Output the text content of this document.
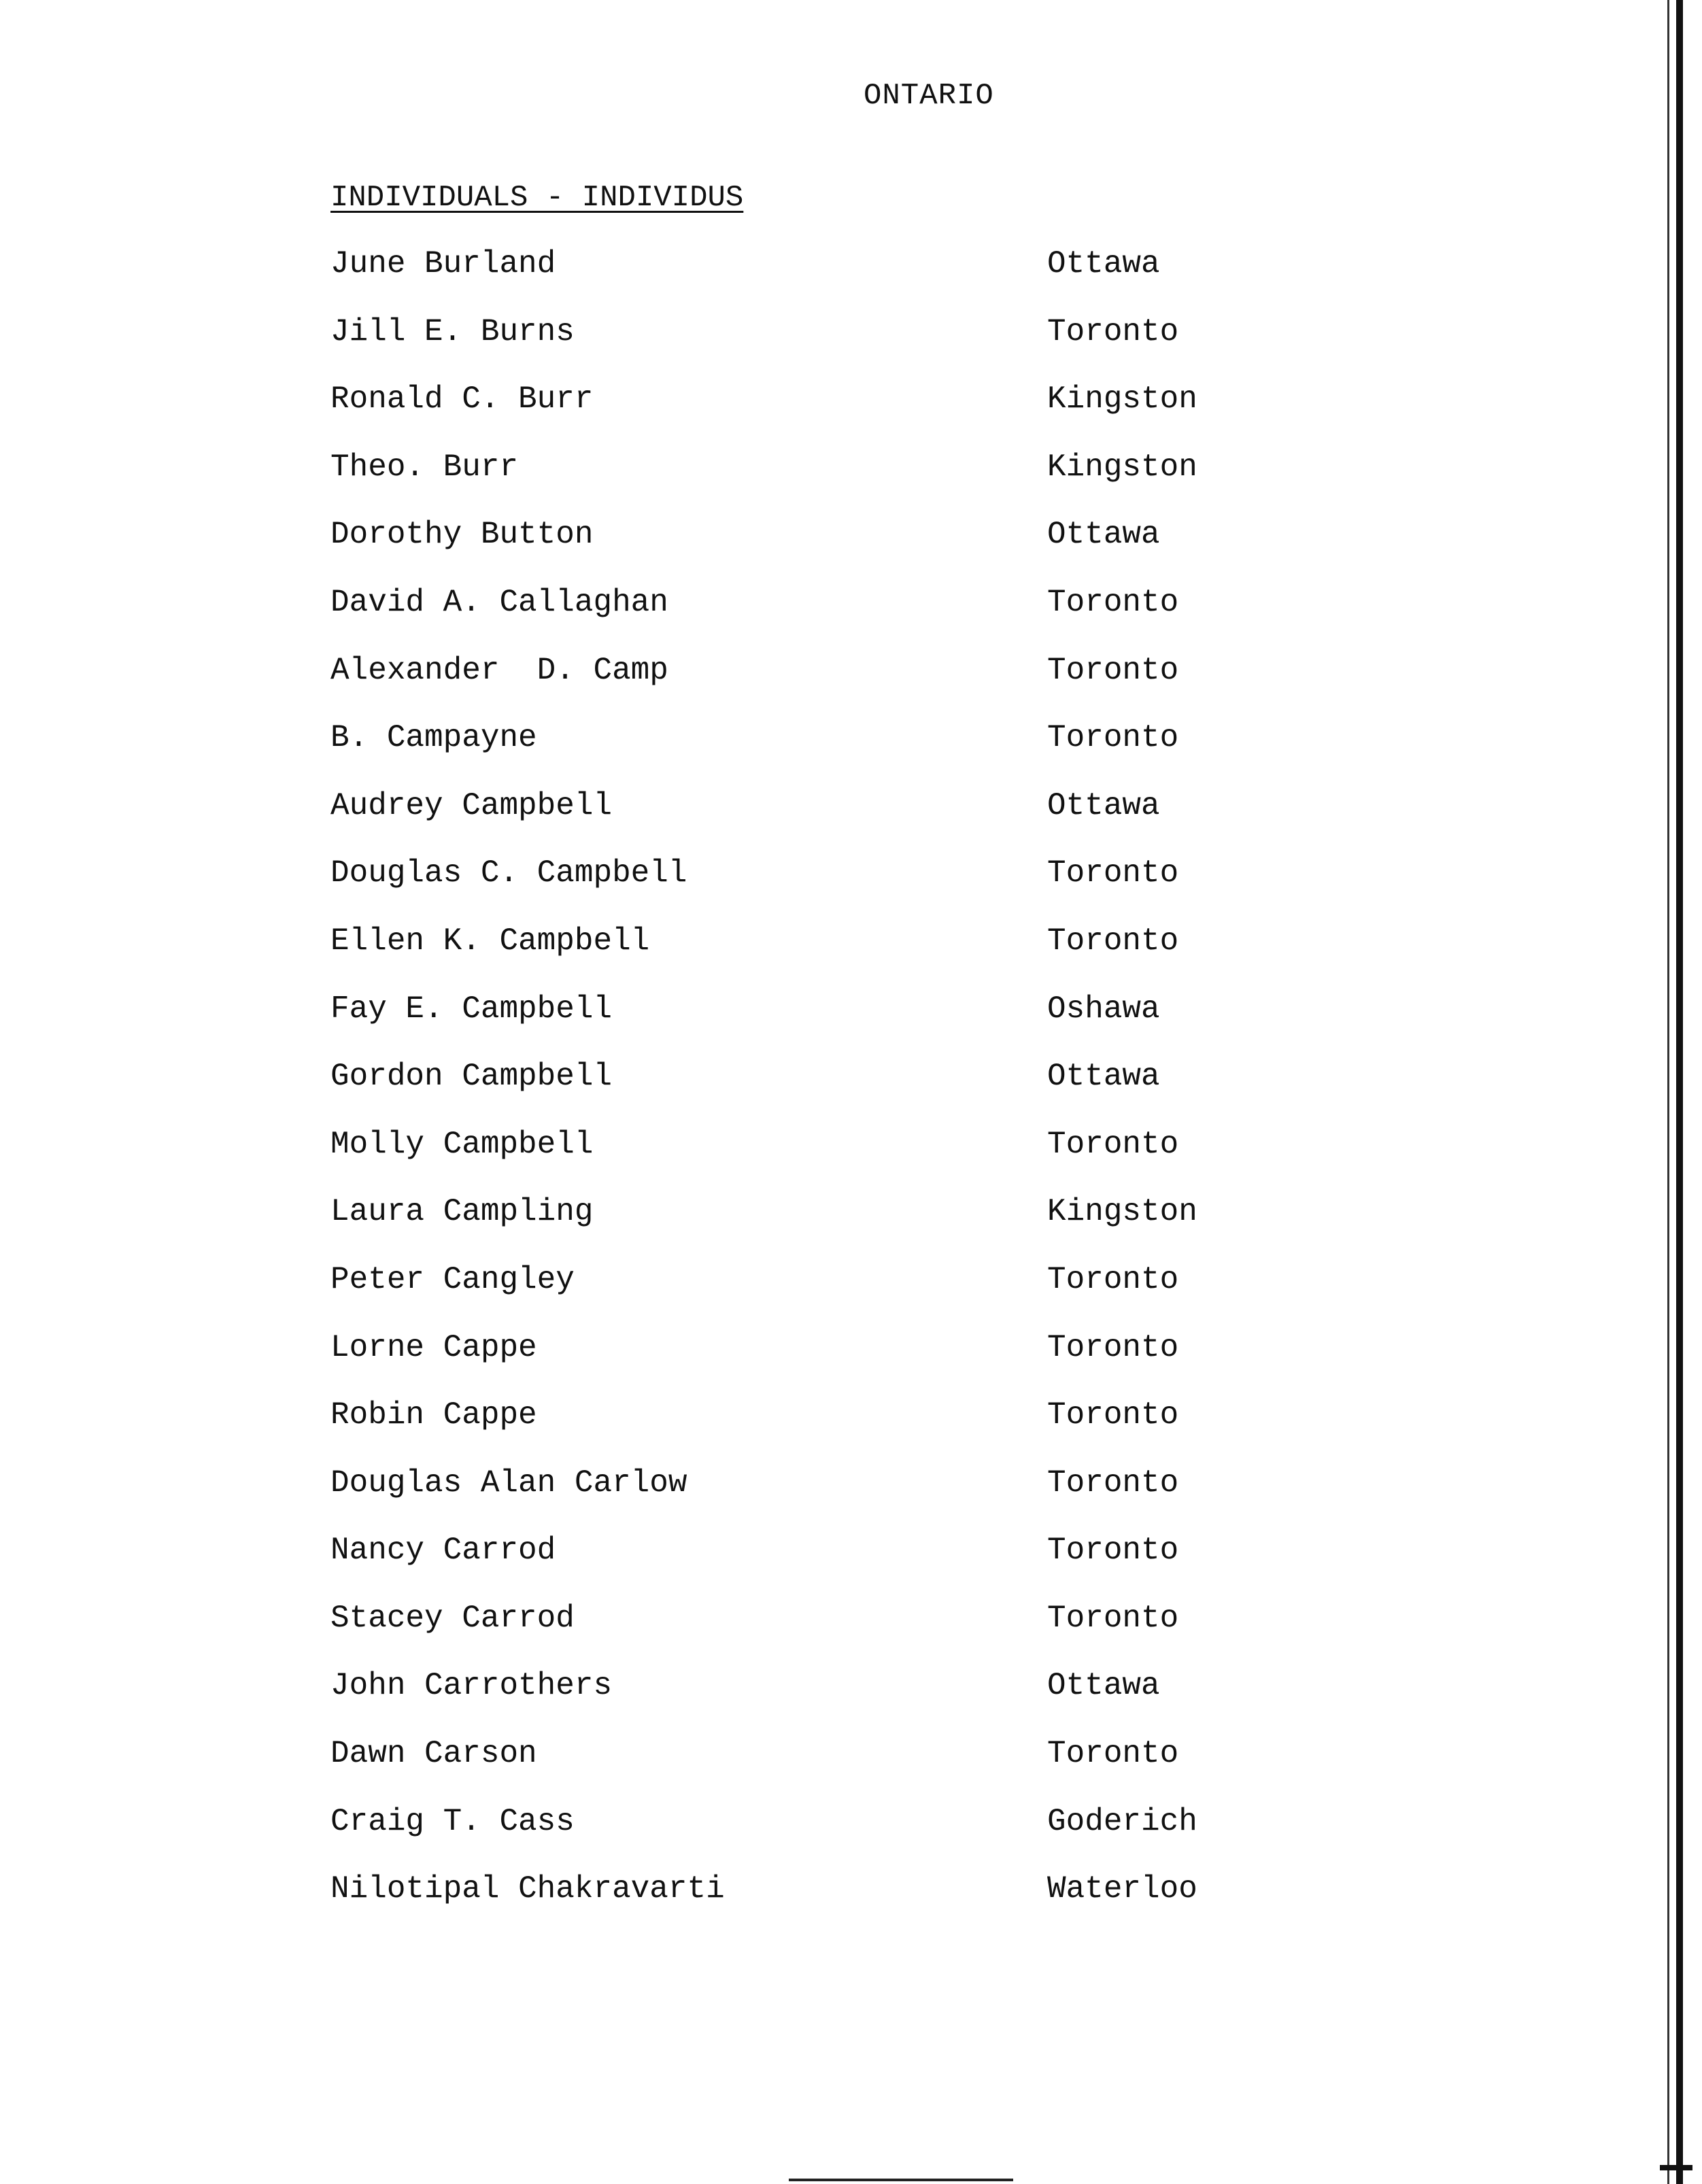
ONTARIO
INDIVIDUALS - INDIVIDUS
June Burland	Ottawa
Jill E. Burns	Toronto
Ronald C. Burr	Kingston
Theo. Burr	Kingston
Dorothy Button	Ottawa
David A. Callaghan	Toronto
Alexander  D. Camp	Toronto
B. Campayne	Toronto
Audrey Campbell	Ottawa
Douglas C. Campbell	Toronto
Ellen K. Campbell	Toronto
Fay E. Campbell	Oshawa
Gordon Campbell	Ottawa
Molly Campbell	Toronto
Laura Campling	Kingston
Peter Cangley	Toronto
Lorne Cappe	Toronto
Robin Cappe	Toronto
Douglas Alan Carlow	Toronto
Nancy Carrod	Toronto
Stacey Carrod	Toronto
John Carrothers	Ottawa
Dawn Carson	Toronto
Craig T. Cass	Goderich
Nilotipal Chakravarti	Waterloo
